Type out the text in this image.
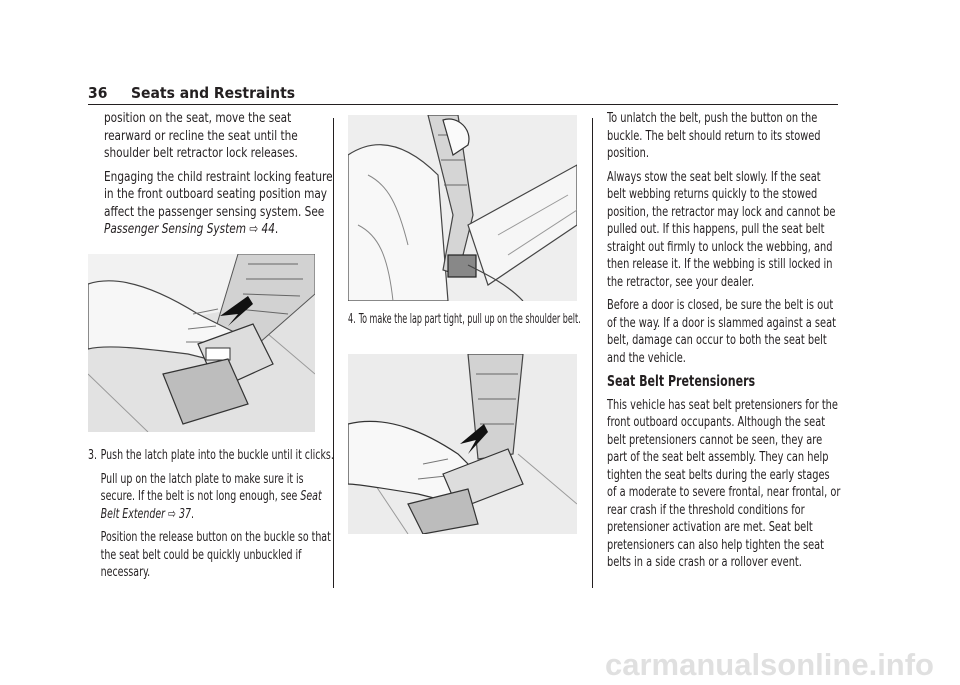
36 Seats and Restraints

position on the seat, move the seat rearward or recline the seat until the shoulder belt retractor lock releases.

Engaging the child restraint locking feature in the front outboard seating position may affect the passenger sensing system. See Passenger Sensing System ⇨ 44.

3. Push the latch plate into the buckle until it clicks.

Pull up on the latch plate to make sure it is secure. If the belt is not long enough, see Seat Belt Extender ⇨ 37.

Position the release button on the buckle so that the seat belt could be quickly unbuckled if necessary.

4. To make the lap part tight, pull up on the shoulder belt.

To unlatch the belt, push the button on the buckle. The belt should return to its stowed position.

Always stow the seat belt slowly. If the seat belt webbing returns quickly to the stowed position, the retractor may lock and cannot be pulled out. If this happens, pull the seat belt straight out firmly to unlock the webbing, and then release it. If the webbing is still locked in the retractor, see your dealer.

Before a door is closed, be sure the belt is out of the way. If a door is slammed against a seat belt, damage can occur to both the seat belt and the vehicle.

Seat Belt Pretensioners

This vehicle has seat belt pretensioners for the front outboard occupants. Although the seat belt pretensioners cannot be seen, they are part of the seat belt assembly. They can help tighten the seat belts during the early stages of a moderate to severe frontal, near frontal, or rear crash if the threshold conditions for pretensioner activation are met. Seat belt pretensioners can also help tighten the seat belts in a side crash or a rollover event.

carmanualsonline.info
